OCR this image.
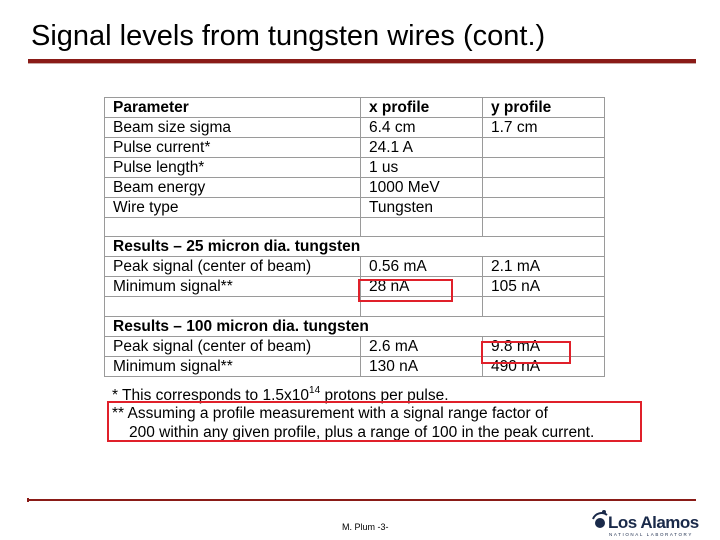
Signal levels from tungsten wires (cont.)
Parameter	x profile	y profile
Beam size sigma	6.4 cm	1.7 cm
Pulse current*	24.1 A	
Pulse length*	1 us	
Beam energy	1000 MeV	
Wire type	Tungsten	

Results – 25 micron dia. tungsten		
Peak signal (center of beam)	0.56 mA	2.1 mA
Minimum signal**	28 nA	105 nA

Results – 100 micron dia. tungsten		
Peak signal (center of beam)	2.6 mA	9.8 mA
Minimum signal**	130 nA	490 nA
* This corresponds to $1.5x10^{14}$ protons per pulse.
** Assuming a profile measurement with a signal range factor of
200 within any given profile, plus a range of 100 in the peak current.
M. Plum -3-	Los Alamos
NATIONAL LABORATORY
